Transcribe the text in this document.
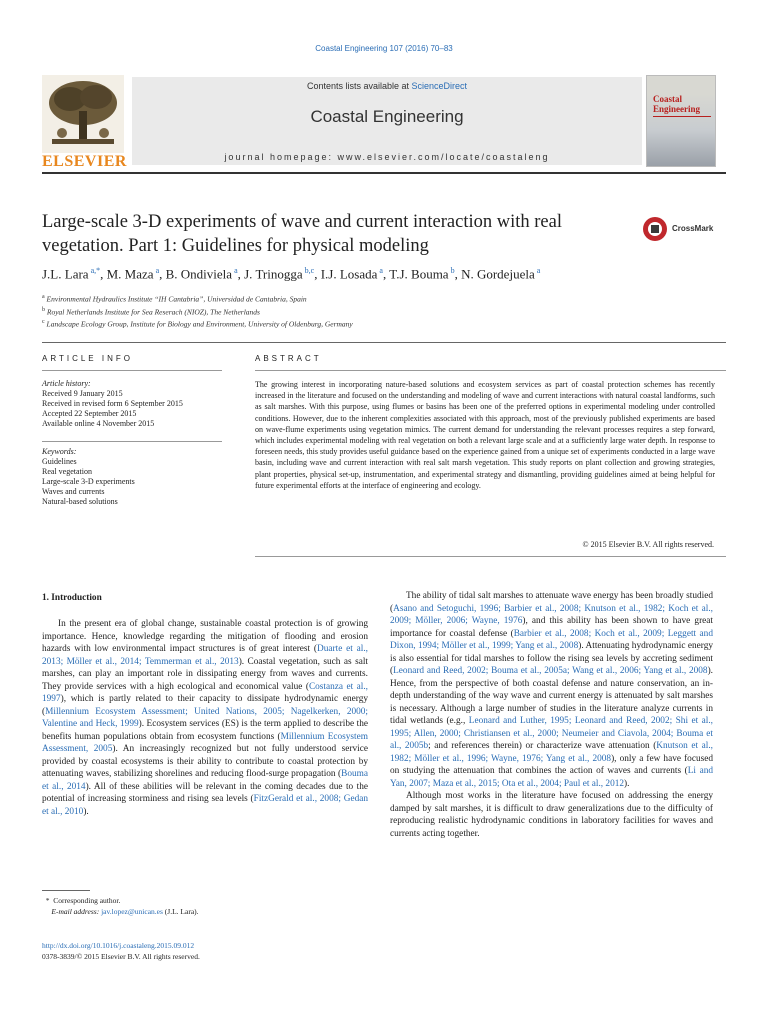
Coastal Engineering 107 (2016) 70–83
ELSEVIER
Contents lists available at ScienceDirect
Coastal Engineering
journal homepage: www.elsevier.com/locate/coastaleng
Coastal
Engineering
Large-scale 3-D experiments of wave and current interaction with real
vegetation. Part 1: Guidelines for physical modeling
CrossMark
J.L. Lara $^{a,*}$, M. Maza $^a$, B. Ondiviela $^a$, J. Trinogga $^{b,c}$, I.J. Losada $^a$, T.J. Bouma $^b$, N. Gordejuela $^a$
$^a$ Environmental Hydraulics Institute “IH Cantabria”, Universidad de Cantabria, Spain
$^b$ Royal Netherlands Institute for Sea Reserach (NIOZ), The Netherlands
$^c$ Landscape Ecology Group, Institute for Biology and Environment, University of Oldenburg, Germany
ARTICLE INFO	ABSTRACT
Article history:
Received 9 January 2015
Received in revised form 6 September 2015
Accepted 22 September 2015
Available online 4 November 2015
Keywords:
Guidelines
Real vegetation
Large-scale 3-D experiments
Waves and currents
Natural-based solutions
The growing interest in incorporating nature-based solutions and ecosystem services as part of coastal protection schemes has recently increased in the literature and focused on the understanding and modeling of wave and current interactions with natural coastal landforms, such as salt marshes. With this purpose, using flumes or basins has been one of the preferred options in experimental modeling under controlled conditions. However, due to the inherent complexities associated with this approach, most of the previously published experiments are based on wave-flume experiments using vegetation mimics. The current demand for understanding the relevant processes requires a step forward, which includes experimental modeling with real vegetation on both a relevant large scale and at a sufficiently large water depth. In response to foreseen needs, this study provides useful guidance based on the experience gained from a unique set of experiments conducted in a large wave basin, including wave and current interaction with real salt marsh vegetation. This study reports on plant collection and growing strategies, plant properties, physical set-up, instrumentation, and experimental strategy and dismantling, providing guidelines aimed at being helpful for future experimental efforts at the interface of engineering and ecology.
© 2015 Elsevier B.V. All rights reserved.
1. Introduction

In the present era of global change, sustainable coastal protection is of growing importance. Hence, knowledge regarding the mitigation of flooding and erosion hazards with low environmental impact structures is of great interest (Duarte et al., 2013; Möller et al., 2014; Temmerman et al., 2013). Coastal vegetation, such as salt marshes, can play an important role in dissipating energy from waves and currents. They provide services with a high ecological and economical value (Costanza et al., 1997), which is partly related to their capacity to dissipate hydrodynamic energy (Millennium Ecosystem Assessment; United Nations, 2005; Nagelkerken, 2000; Valentine and Heck, 1999). Ecosystem services (ES) is the term applied to describe the benefits human populations obtain from ecosystem functions (Millennium Ecosystem Assessment, 2005). An increasingly recognized but not fully understood service provided by coastal ecosystems is their ability to contribute to coastal protection by attenuating waves, stabilizing shorelines and reducing flood-surge propagation (Bouma et al., 2014). All of these abilities will be relevant in the coming decades due to the potential of increasing storminess and rising sea levels (FitzGerald et al., 2008; Gedan et al., 2010).

The ability of tidal salt marshes to attenuate wave energy has been broadly studied (Asano and Setoguchi, 1996; Barbier et al., 2008; Knutson et al., 1982; Koch et al., 2009; Möller, 2006; Wayne, 1976), and this ability has been shown to have great importance for coastal defense (Barbier et al., 2008; Koch et al., 2009; Leggett and Dixon, 1994; Möller et al., 1999; Yang et al., 2008). Attenuating hydrodynamic energy is also essential for tidal marshes to follow the rising sea levels by accreting sediment (Leonard and Reed, 2002; Bouma et al., 2005a; Wang et al., 2006; Yang et al., 2008). Hence, from the perspective of both coastal defense and nature conservation, an in-depth understanding of the way wave and current energy is attenuated by salt marshes is necessary. Although a large number of studies in the literature analyze currents in tidal wetlands (e.g., Leonard and Luther, 1995; Leonard and Reed, 2002; Shi et al., 1995; Allen, 2000; Christiansen et al., 2000; Neumeier and Ciavola, 2004; Bouma et al., 2005b; and references therein) or characterize wave attenuation (Knutson et al., 1982; Möller et al., 1996; Wayne, 1976; Yang et al., 2008), only a few have focused on studying the attenuation that combines the action of waves and currents (Li and Yan, 2007; Maza et al., 2015; Ota et al., 2004; Paul et al., 2012).

Although most works in the literature have focused on addressing the energy damped by salt marshes, it is difficult to draw generalizations due to the difficulty of reproducing realistic hydrodynamic conditions in laboratory facilities for waves and currents acting together.

* Corresponding author.
E-mail address: jav.lopez@unican.es (J.L. Lara).
http://dx.doi.org/10.1016/j.coastaleng.2015.09.012
0378-3839/© 2015 Elsevier B.V. All rights reserved.
